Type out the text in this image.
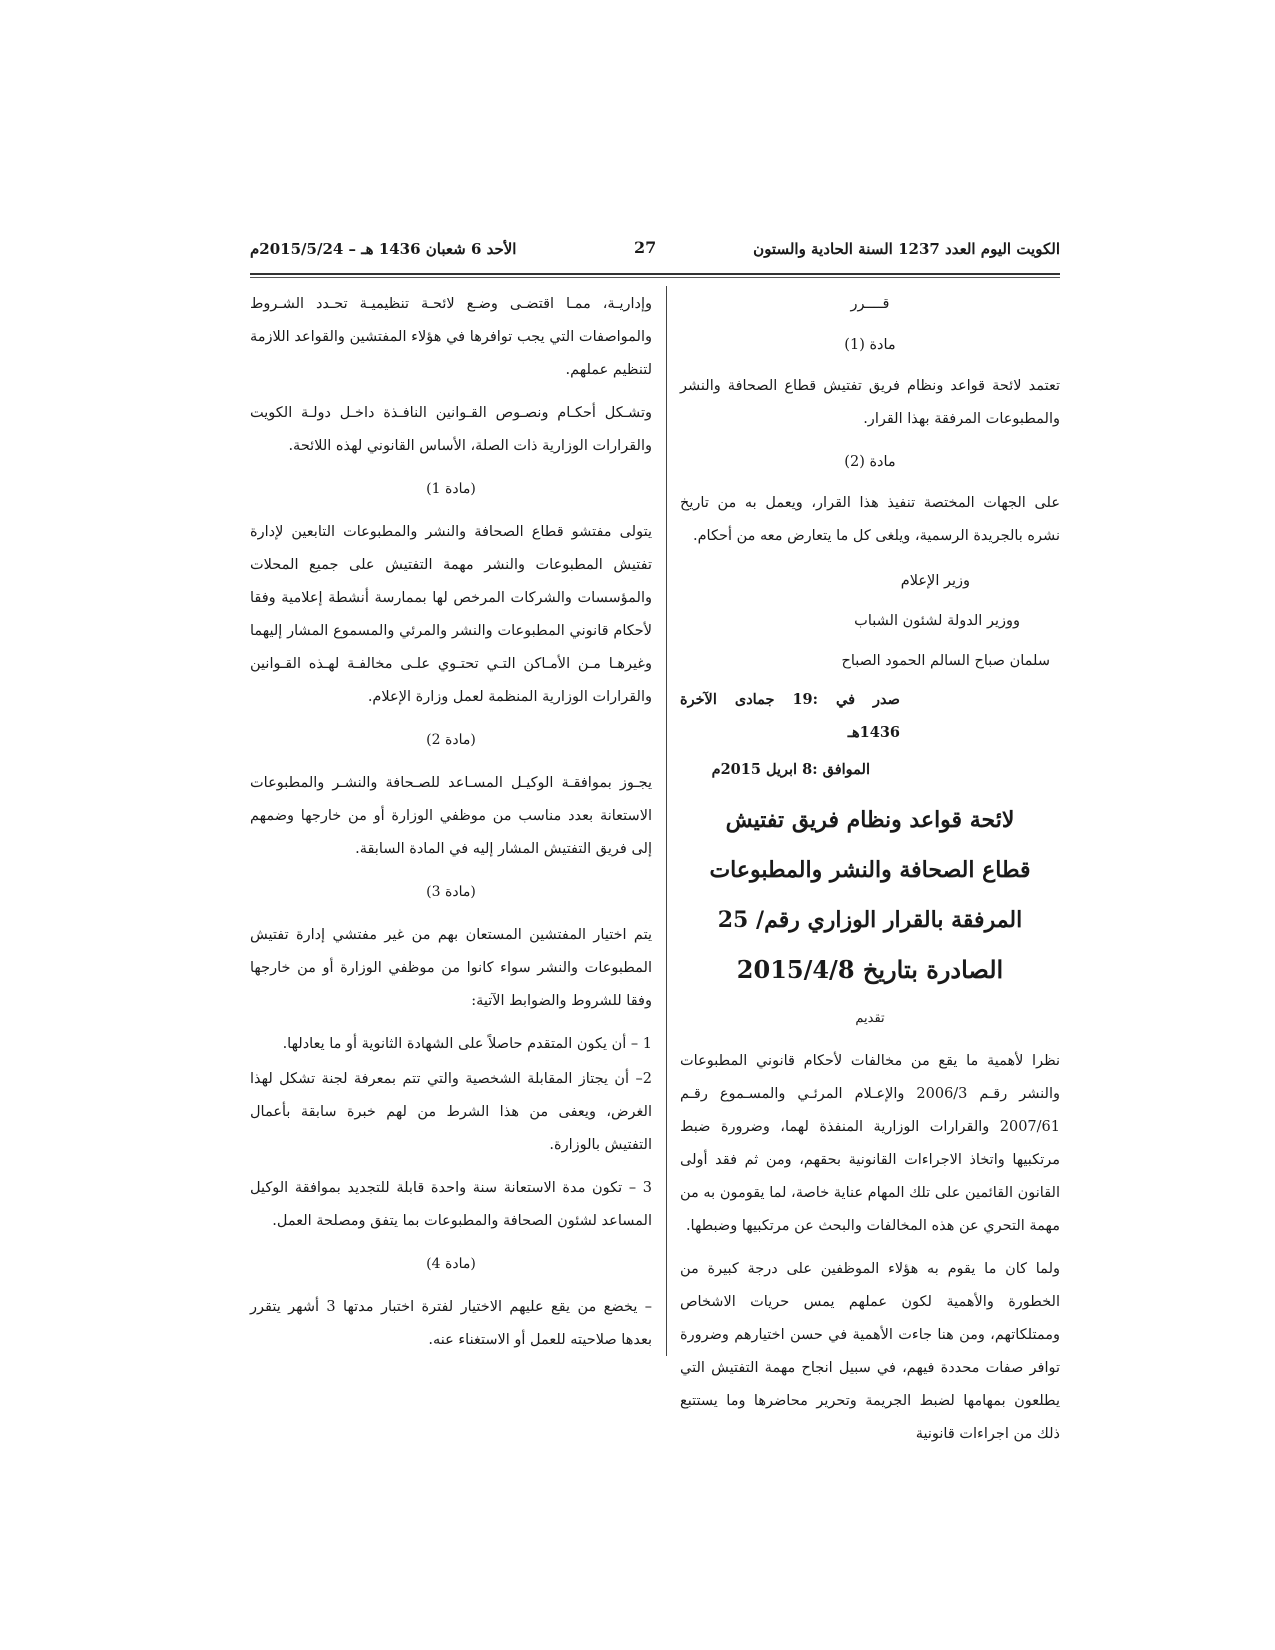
الكويت اليوم العدد 1237 السنة الحادية والستون
27
الأحد 6 شعبان 1436 هـ – 2015/5/24م
قــــرر
مادة (1)

تعتمد لائحة قواعد ونظام فريق تفتيش قطاع الصحافة والنشر والمطبوعات المرفقة بهذا القرار.

مادة (2)

على الجهات المختصة تنفيذ هذا القرار، ويعمل به من تاريخ نشره بالجريدة الرسمية، ويلغى كل ما يتعارض معه من أحكام.

وزير الإعلام
ووزير الدولة لشئون الشباب
سلمان صباح السالم الحمود الصباح
صدر في :19 جمادى الآخرة 1436هـ
الموافق :8 ابريل 2015م
لائحة قواعد ونظام فريق تفتيش
قطاع الصحافة والنشر والمطبوعات
المرفقة بالقرار الوزاري رقم/ 25
الصادرة بتاريخ 2015/4/8
تقديم

نظرا لأهمية ما يقع من مخالفات لأحكام قانوني المطبوعات والنشر رقـم 2006/3 والإعـلام المرئـي والمسـموع رقـم 2007/61 والقرارات الوزارية المنفذة لهما، وضرورة ضبط مرتكبيها واتخاذ الاجراءات القانونية بحقهم، ومن ثم فقد أولى القانون القائمين على تلك المهام عناية خاصة، لما يقومون به من مهمة التحري عن هذه المخالفات والبحث عن مرتكبيها وضبطها.

ولما كان ما يقوم به هؤلاء الموظفين على درجة كبيرة من الخطورة والأهمية لكون عملهم يمس حريات الاشخاص وممتلكاتهم، ومن هنا جاءت الأهمية في حسن اختيارهم وضرورة توافر صفات محددة فيهم، في سبيل انجاح مهمة التفتيش التي يطلعون بمهامها لضبط الجريمة وتحرير محاضرها وما يستتبع ذلك من اجراءات قانونية

وإداريـة، ممـا اقتضـى وضـع لائحـة تنظيميـة تحـدد الشـروط والمواصفات التي يجب توافرها في هؤلاء المفتشين والقواعد اللازمة لتنظيم عملهم.

وتشـكل أحكـام ونصـوص القـوانين النافـذة داخـل دولـة الكويت والقرارات الوزارية ذات الصلة، الأساس القانوني لهذه اللائحة.

(مادة 1)

يتولى مفتشو قطاع الصحافة والنشر والمطبوعات التابعين لإدارة تفتيش المطبوعات والنشر مهمة التفتيش على جميع المحلات والمؤسسات والشركات المرخص لها بممارسة أنشطة إعلامية وفقا لأحكام قانوني المطبوعات والنشر والمرئي والمسموع المشار إليهما وغيرهـا مـن الأمـاكن التـي تحتـوي علـى مخالفـة لهـذه القـوانين والقرارات الوزارية المنظمة لعمل وزارة الإعلام.

(مادة 2)

يجـوز بموافقـة الوكيـل المسـاعد للصـحافة والنشـر والمطبوعات الاستعانة بعدد مناسب من موظفي الوزارة أو من خارجها وضمهم إلى فريق التفتيش المشار إليه في المادة السابقة.

(مادة 3)

يتم اختيار المفتشين المستعان بهم من غير مفتشي إدارة تفتيش المطبوعات والنشر سواء كانوا من موظفي الوزارة أو من خارجها وفقا للشروط والضوابط الآتية:

1 – أن يكون المتقدم حاصلاً على الشهادة الثانوية أو ما يعادلها.

2– أن يجتاز المقابلة الشخصية والتي تتم بمعرفة لجنة تشكل لهذا الغرض، ويعفى من هذا الشرط من لهم خبرة سابقة بأعمال التفتيش بالوزارة.

3 – تكون مدة الاستعانة سنة واحدة قابلة للتجديد بموافقة الوكيل المساعد لشئون الصحافة والمطبوعات بما يتفق ومصلحة العمل.

(مادة 4)

– يخضع من يقع عليهم الاختيار لفترة اختبار مدتها 3 أشهر يتقرر بعدها صلاحيته للعمل أو الاستغناء عنه.
